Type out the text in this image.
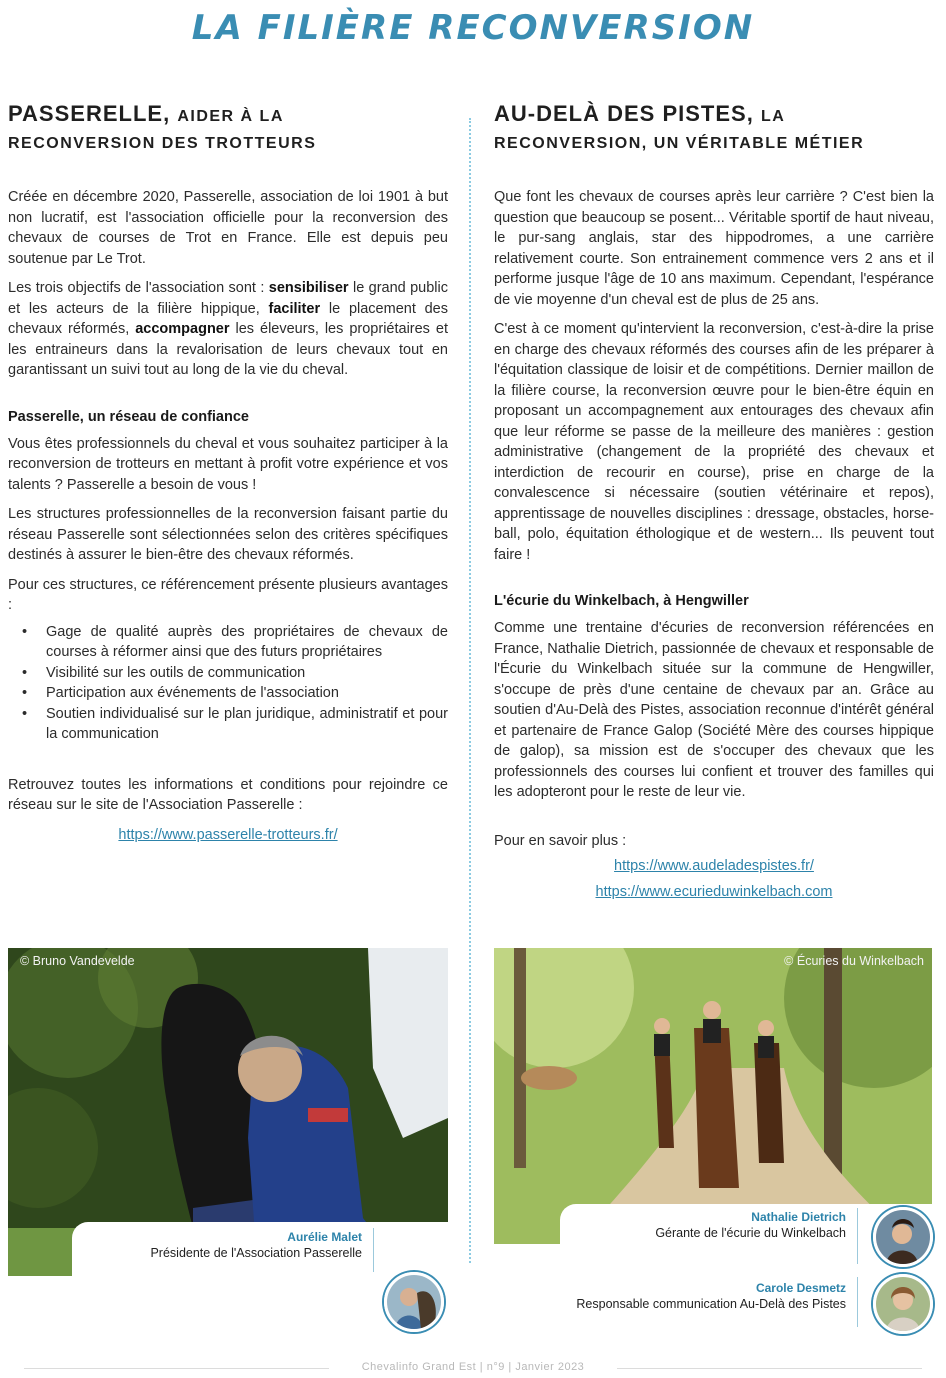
LA FILIÈRE RECONVERSION
PASSERELLE, AIDER À LA
RECONVERSION DES TROTTEURS

Créée en décembre 2020, Passerelle, association de loi 1901 à but non lucratif, est l'association officielle pour la reconversion des chevaux de courses de Trot en France. Elle est depuis peu soutenue par Le Trot.

Les trois objectifs de l'association sont : sensibiliser le grand public et les acteurs de la filière hippique, faciliter le placement des chevaux réformés, accompagner les éleveurs, les propriétaires et les entraineurs dans la revalorisation de leurs chevaux tout en garantissant un suivi tout au long de la vie du cheval.

Passerelle, un réseau de confiance

Vous êtes professionnels du cheval et vous souhaitez participer à la reconversion de trotteurs en mettant à profit votre expérience et vos talents ? Passerelle a besoin de vous !

Les structures professionnelles de la reconversion faisant partie du réseau Passerelle sont sélectionnées selon des critères spécifiques destinés à assurer le bien-être des chevaux réformés.

Pour ces structures, ce référencement présente plusieurs avantages :

• Gage de qualité auprès des propriétaires de chevaux de courses à réformer ainsi que des futurs propriétaires
• Visibilité sur les outils de communication
• Participation aux événements de l'association
• Soutien individualisé sur le plan juridique, administratif et pour la communication

Retrouvez toutes les informations et conditions pour rejoindre ce réseau sur le site de l'Association Passerelle :

https://www.passerelle-trotteurs.fr/
AU-DELÀ DES PISTES, LA
RECONVERSION, UN VÉRITABLE MÉTIER

Que font les chevaux de courses après leur carrière ? C'est bien la question que beaucoup se posent... Véritable sportif de haut niveau, le pur-sang anglais, star des hippodromes, a une carrière relativement courte. Son entrainement commence vers 2 ans et il performe jusque l'âge de 10 ans maximum. Cependant, l'espérance de vie moyenne d'un cheval est de plus de 25 ans.

C'est à ce moment qu'intervient la reconversion, c'est-à-dire la prise en charge des chevaux réformés des courses afin de les préparer à l'équitation classique de loisir et de compétitions. Dernier maillon de la filière course, la reconversion œuvre pour le bien-être équin en proposant un accompagnement aux entourages des chevaux afin que leur réforme se passe de la meilleure des manières : gestion administrative (changement de la propriété des chevaux et interdiction de recourir en course), prise en charge de la convalescence si nécessaire (soutien vétérinaire et repos), apprentissage de nouvelles disciplines : dressage, obstacles, horse-ball, polo, équitation éthologique et de western... Ils peuvent tout faire !

L'écurie du Winkelbach, à Hengwiller

Comme une trentaine d'écuries de reconversion référencées en France, Nathalie Dietrich, passionnée de chevaux et responsable de l'Écurie du Winkelbach située sur la commune de Hengwiller, s'occupe de près d'une centaine de chevaux par an. Grâce au soutien d'Au-Delà des Pistes, association reconnue d'intérêt général et partenaire de France Galop (Société Mère des courses hippique de galop), sa mission est de s'occuper des chevaux que les professionnels des courses lui confient et trouver des familles qui les adopteront pour le reste de leur vie.

Pour en savoir plus :

https://www.audeladespistes.fr/
https://www.ecurieduwinkelbach.com
© Bruno Vandevelde
Aurélie Malet
Présidente de l'Association Passerelle
© Écuries du Winkelbach
Nathalie Dietrich
Gérante de l'écurie du Winkelbach
Carole Desmetz
Responsable communication Au-Delà des Pistes
Chevalinfo Grand Est | n°9 | Janvier 2023
